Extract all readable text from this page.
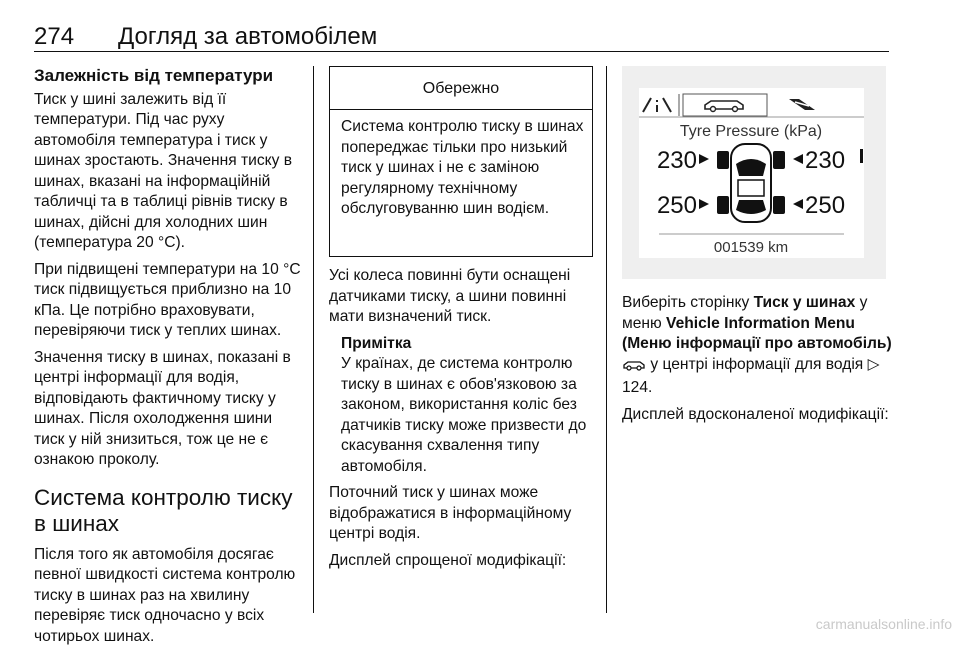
274 Догляд за автомобілем
Залежність від температури

Тиск у шині залежить від її температури. Під час руху автомобіля температура і тиск у шинах зростають. Значення тиску в шинах, вказані на інформаційній табличці та в таблиці рівнів тиску в шинах, дійсні для холодних шин (температура 20 °C).

При підвищені температури на 10 °C тиск підвищується приблизно на 10 кПа. Це потрібно враховувати, перевіряючи тиск у теплих шинах.

Значення тиску в шинах, показані в центрі інформації для водія, відповідають фактичному тиску у шинах. Після охолодження шини тиск у ній знизиться, тож це не є ознакою проколу.

Система контролю тиску в шинах

Після того як автомобіля досягає певної швидкості система контролю тиску в шинах раз на хвилину перевіряє тиск одночасно у всіх чотирьох шинах.

Обережно
Система контролю тиску в шинах попереджає тільки про низький тиск у шинах і не є заміною регулярному технічному обслуговуванню шин водієм.

Усі колеса повинні бути оснащені датчиками тиску, а шини повинні мати визначений тиск.

Примітка

У країнах, де система контролю тиску в шинах є обов'язковою за законом, використання коліс без датчиків тиску може призвести до скасування схвалення типу автомобіля.

Поточний тиск у шинах може відображатися в інформаційному центрі водія.

Дисплей спрощеної модифікації:

Tyre Pressure (kPa)
230	230
250	250
001539 km

Виберіть сторінку Тиск у шинах у меню Vehicle Information Menu (Меню інформації про автомобіль)  у центрі інформації для водія ▷ 124.

Дисплей вдосконаленої модифікації:

carmanualsonline.info
